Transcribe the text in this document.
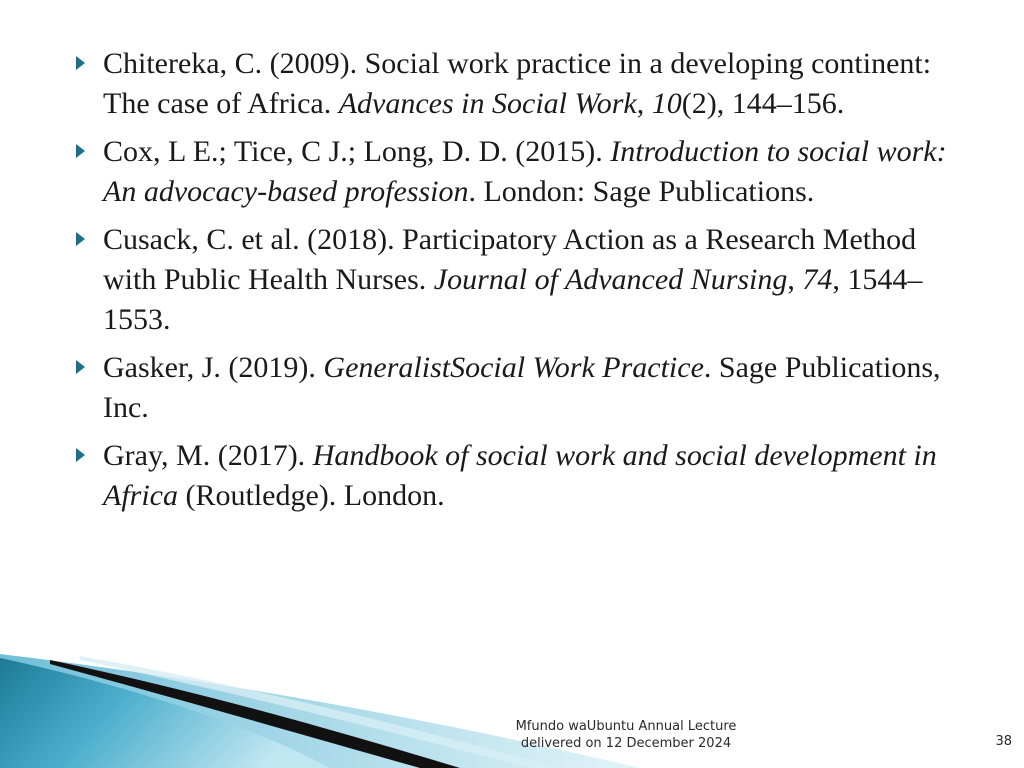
Chitereka, C. (2009). Social work practice in a developing continent: The case of Africa. Advances in Social Work, 10(2), 144–156.
Cox, L E.; Tice, C J.; Long, D. D. (2015). Introduction to social work: An advocacy-based profession. London: Sage Publications.
Cusack, C. et al. (2018). Participatory Action as a Research Method with Public Health Nurses. Journal of Advanced Nursing, 74, 1544–1553.
Gasker, J. (2019). GeneralistSocial Work Practice. Sage Publications, Inc.
Gray, M. (2017). Handbook of social work and social development in Africa (Routledge). London.
Mfundo waUbuntu Annual Lecture
delivered on 12 December 2024	38
